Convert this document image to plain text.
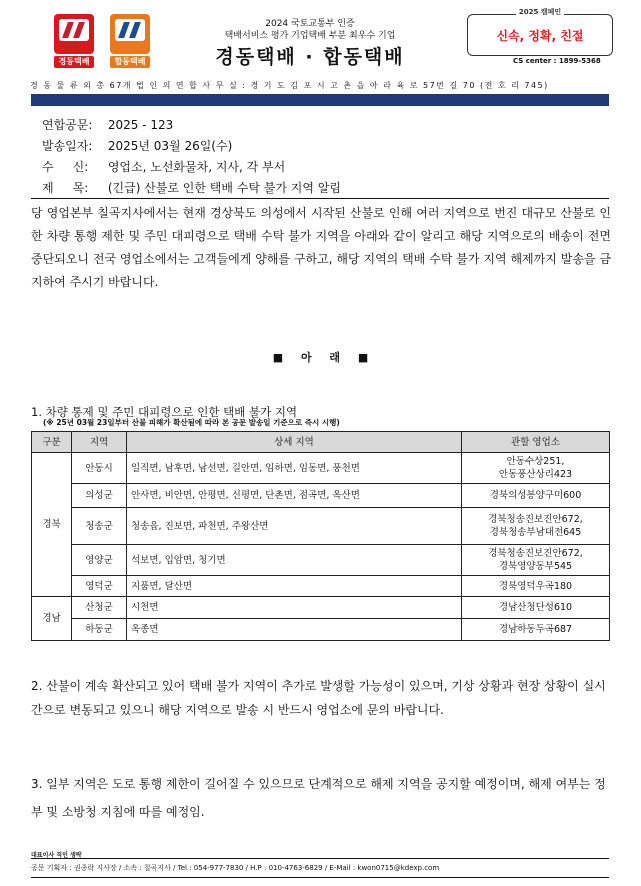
경동택배	합동택배
2024 국토교통부 인증
택배서비스 평가 기업택배 부분 최우수 기업
경동택배 · 합동택배
2025 캠페인
신속, 정확, 친절
CS center : 1899-5368
경 동 물 류 외 총 67개 법 인 의 연 합 사 무 실 : 경 기 도 김 포 시 고 촌 읍 아 라 육 로 57번 길 70 (전 호 리 745)
연합공문: 2025 - 123
발송일자: 2025년 03월 26일(수)
수     신: 영업소, 노선화물차, 지사, 각 부서
제     목: (긴급) 산불로 인한 택배 수탁 불가 지역 알림
당 영업본부 칠곡지사에서는 현재 경상북도 의성에서 시작된 산불로 인해 여러 지역으로 번진 대규모 산불로 인한 차량 통행 제한 및 주민 대피령으로 택배 수탁 불가 지역을 아래와 같이 알리고 해당 지역으로의 배송이 전면 중단되오니 전국 영업소에서는 고객들에게 양해를 구하고, 해당 지역의 택배 수탁 불가 지역 해제까지 발송을 금지하여 주시기 바랍니다.
■ 아 래 ■
1. 차량 통제 및 주민 대피령으로 인한 택배 불가 지역
(※ 25년 03월 23일부터 산불 피해가 확산됨에 따라 본 공문 발송일 기준으로 즉시 시행)
구분	지역	상세 지역	관할 영업소
경북	안동시	일직면, 남후면, 남선면, 길안면, 임하면, 임동면, 풍천면	안동수상251,
안동풍산상리423

	의성군	안사면, 비안면, 안평면, 신평면, 단촌면, 점곡면, 옥산면	경북의성봉양구미600
	청송군	청송읍, 진보면, 파천면, 주왕산면	경북청송진보진안672,
경북청송부남대전645

	영양군	석보면, 입암면, 청기면	경북청송진보진안672,
경북영양동부545

	영덕군	지품면, 달산면	경북영덕우곡180
경남	산청군	시천면	경남산청단성610
	하동군	옥종면	경남하동두곡687
2. 산불이 계속 확산되고 있어 택배 불가 지역이 추가로 발생할 가능성이 있으며, 기상 상황과 현장 상황이 실시간으로 변동되고 있으니 해당 지역으로 발송 시 반드시 영업소에 문의 바랍니다.
3. 일부 지역은 도로 통행 제한이 길어질 수 있으므로 단계적으로 해제 지역을 공지할 예정이며, 해제 여부는 정부 및 소방청 지침에 따를 예정임.
대표이사 직인 생략
공문 기획자 : 권종락 지사장 / 소속 : 칠곡지사 / Tel : 054-977-7830 / H.P : 010-4763-6829 / E-Mail : kwon0715@kdexp.com
